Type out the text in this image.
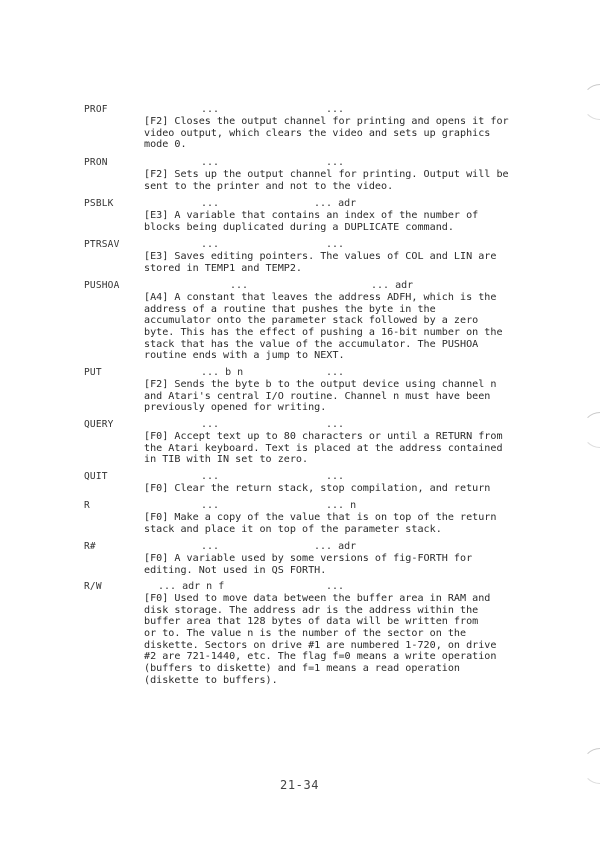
PROF	...	...
[F2] Closes the output channel for printing and opens it for
video output, which clears the video and sets up graphics
mode 0.
PRON	...	...
[F2] Sets up the output channel for printing. Output will be
sent to the printer and not to the video.
PSBLK	...	... adr
[E3] A variable that contains an index of the number of
blocks being duplicated during a DUPLICATE command.
PTRSAV	...	...
[E3] Saves editing pointers. The values of COL and LIN are
stored in TEMP1 and TEMP2.
PUSHOA	...	... adr
[A4] A constant that leaves the address ADFH, which is the
address of a routine that pushes the byte in the
accumulator onto the parameter stack followed by a zero
byte. This has the effect of pushing a 16-bit number on the
stack that has the value of the accumulator. The PUSHOA
routine ends with a jump to NEXT.
PUT	... b n	...
[F2] Sends the byte b to the output device using channel n
and Atari's central I/O routine. Channel n must have been
previously opened for writing.
QUERY	...	...
[F0] Accept text up to 80 characters or until a RETURN from
the Atari keyboard. Text is placed at the address contained
in TIB with IN set to zero.
QUIT	...	...
[F0] Clear the return stack, stop compilation, and return
R	...	... n
[F0] Make a copy of the value that is on top of the return
stack and place it on top of the parameter stack.
R#	...	... adr
[F0] A variable used by some versions of fig-FORTH for
editing. Not used in QS FORTH.
R/W	... adr n f	...
[F0] Used to move data between the buffer area in RAM and
disk storage. The address adr is the address within the
buffer area that 128 bytes of data will be written from
or to. The value n is the number of the sector on the
diskette. Sectors on drive #1 are numbered 1-720, on drive
#2 are 721-1440, etc. The flag f=0 means a write operation
(buffers to diskette) and f=1 means a read operation
(diskette to buffers).
21-34
